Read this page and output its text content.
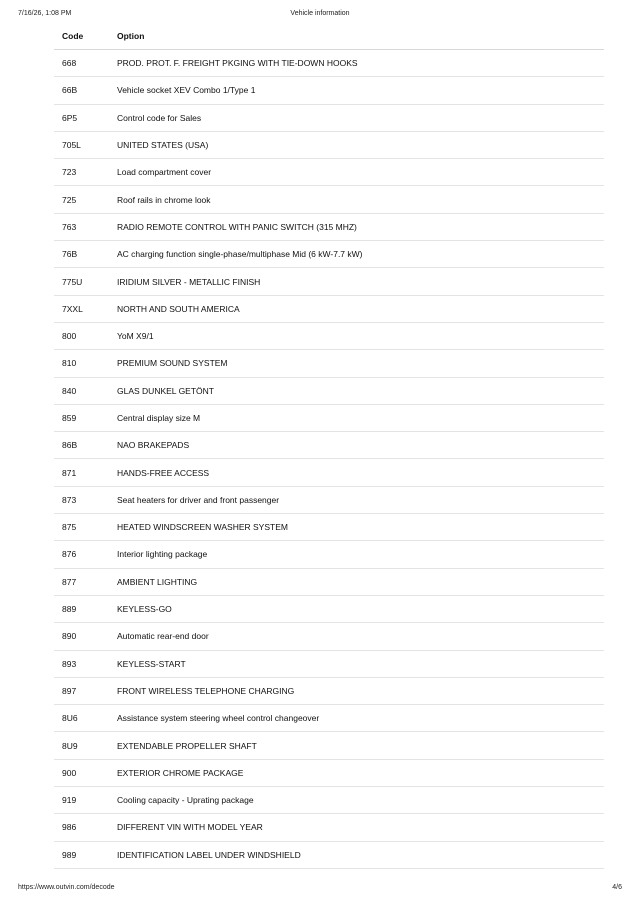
7/16/26, 1:08 PM	Vehicle information
Code	Option
668	PROD. PROT. F. FREIGHT PKGING WITH TIE-DOWN HOOKS
66B	Vehicle socket XEV Combo 1/Type 1
6P5	Control code for Sales
705L	UNITED STATES (USA)
723	Load compartment cover
725	Roof rails in chrome look
763	RADIO REMOTE CONTROL WITH PANIC SWITCH (315 MHZ)
76B	AC charging function single-phase/multiphase Mid (6 kW-7.7 kW)
775U	IRIDIUM SILVER - METALLIC FINISH
7XXL	NORTH AND SOUTH AMERICA
800	YoM X9/1
810	PREMIUM SOUND SYSTEM
840	GLAS DUNKEL GETÖNT
859	Central display size M
86B	NAO BRAKEPADS
871	HANDS-FREE ACCESS
873	Seat heaters for driver and front passenger
875	HEATED WINDSCREEN WASHER SYSTEM
876	Interior lighting package
877	AMBIENT LIGHTING
889	KEYLESS-GO
890	Automatic rear-end door
893	KEYLESS-START
897	FRONT WIRELESS TELEPHONE CHARGING
8U6	Assistance system steering wheel control changeover
8U9	EXTENDABLE PROPELLER SHAFT
900	EXTERIOR CHROME PACKAGE
919	Cooling capacity - Uprating package
986	DIFFERENT VIN WITH MODEL YEAR
989	IDENTIFICATION LABEL UNDER WINDSHIELD
https://www.outvin.com/decode	4/6
